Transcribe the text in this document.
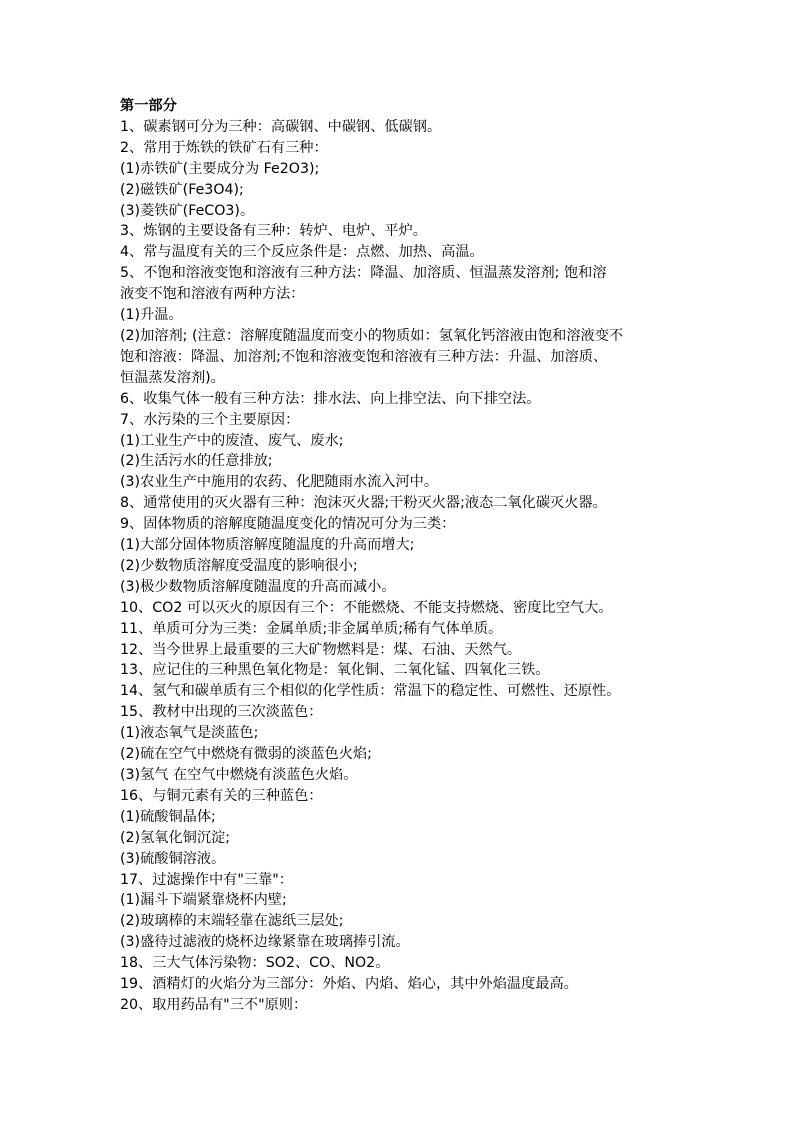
第一部分
1、碳素钢可分为三种：高碳钢、中碳钢、低碳钢。
2、常用于炼铁的铁矿石有三种：
(1)赤铁矿(主要成分为 Fe2O3);
(2)磁铁矿(Fe3O4);
(3)菱铁矿(FeCO3)。
3、炼钢的主要设备有三种：转炉、电炉、平炉。
4、常与温度有关的三个反应条件是：点燃、加热、高温。
5、不饱和溶液变饱和溶液有三种方法：降温、加溶质、恒温蒸发溶剂; 饱和溶
液变不饱和溶液有两种方法：
(1)升温。
(2)加溶剂; (注意：溶解度随温度而变小的物质如：氢氧化钙溶液由饱和溶液变不
饱和溶液：降温、加溶剂;不饱和溶液变饱和溶液有三种方法：升温、加溶质、
恒温蒸发溶剂)。
6、收集气体一般有三种方法：排水法、向上排空法、向下排空法。
7、水污染的三个主要原因：
(1)工业生产中的废渣、废气、废水;
(2)生活污水的任意排放;
(3)农业生产中施用的农药、化肥随雨水流入河中。
8、通常使用的灭火器有三种：泡沫灭火器;干粉灭火器;液态二氧化碳灭火器。
9、固体物质的溶解度随温度变化的情况可分为三类：
(1)大部分固体物质溶解度随温度的升高而增大;
(2)少数物质溶解度受温度的影响很小;
(3)极少数物质溶解度随温度的升高而减小。
10、CO2 可以灭火的原因有三个：不能燃烧、不能支持燃烧、密度比空气大。
11、单质可分为三类：金属单质;非金属单质;稀有气体单质。
12、当今世界上最重要的三大矿物燃料是：煤、石油、天然气。
13、应记住的三种黑色氧化物是：氧化铜、二氧化锰、四氧化三铁。
14、氢气和碳单质有三个相似的化学性质：常温下的稳定性、可燃性、还原性。
15、教材中出现的三次淡蓝色：
(1)液态氧气是淡蓝色;
(2)硫在空气中燃烧有微弱的淡蓝色火焰;
(3)氢气 在空气中燃烧有淡蓝色火焰。
16、与铜元素有关的三种蓝色：
(1)硫酸铜晶体;
(2)氢氧化铜沉淀;
(3)硫酸铜溶液。
17、过滤操作中有"三靠"：
(1)漏斗下端紧靠烧杯内壁;
(2)玻璃棒的末端轻靠在滤纸三层处;
(3)盛待过滤液的烧杯边缘紧靠在玻璃捧引流。
18、三大气体污染物：SO2、CO、NO2。
19、酒精灯的火焰分为三部分：外焰、内焰、焰心，其中外焰温度最高。
20、取用药品有"三不"原则：
